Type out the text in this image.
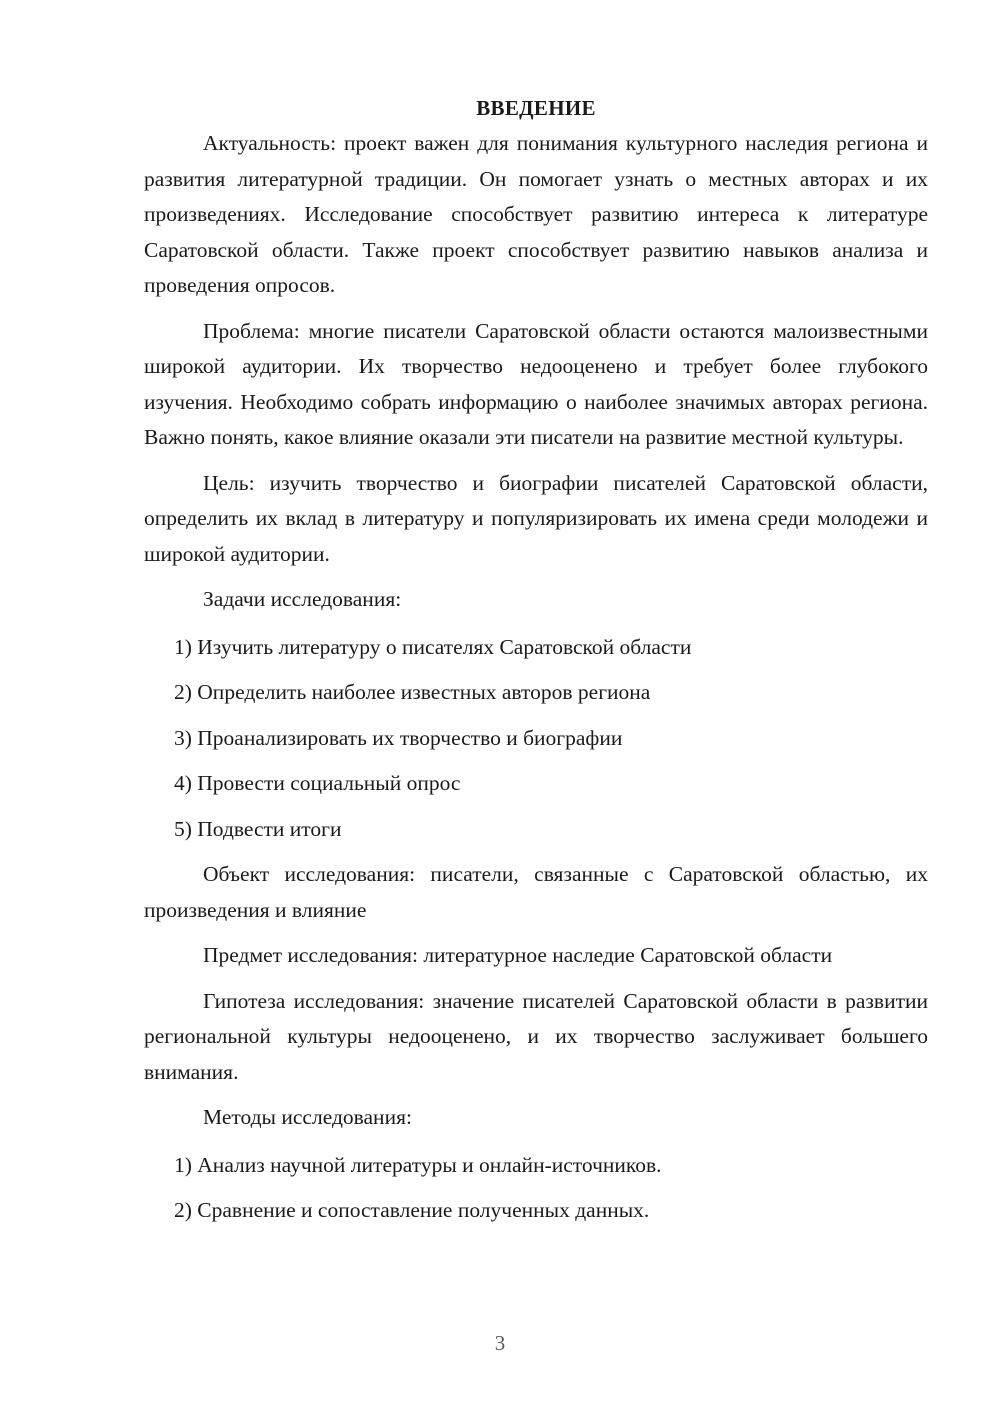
ВВЕДЕНИЕ

Актуальность: проект важен для понимания культурного наследия региона и развития литературной традиции. Он помогает узнать о местных авторах и их произведениях. Исследование способствует развитию интереса к литературе Саратовской области. Также проект способствует развитию навыков анализа и проведения опросов.

Проблема: многие писатели Саратовской области остаются малоизвестными широкой аудитории. Их творчество недооценено и требует более глубокого изучения. Необходимо собрать информацию о наиболее значимых авторах региона. Важно понять, какое влияние оказали эти писатели на развитие местной культуры.

Цель: изучить творчество и биографии писателей Саратовской области, определить их вклад в литературу и популяризировать их имена среди молодежи и широкой аудитории.

Задачи исследования:

1) Изучить литературу о писателях Саратовской области
2) Определить наиболее известных авторов региона
3) Проанализировать их творчество и биографии
4) Провести социальный опрос
5) Подвести итоги

Объект исследования: писатели, связанные с Саратовской областью, их произведения и влияние

Предмет исследования: литературное наследие Саратовской области

Гипотеза исследования: значение писателей Саратовской области в развитии региональной культуры недооценено, и их творчество заслуживает большего внимания.

Методы исследования:

1) Анализ научной литературы и онлайн-источников.
2) Сравнение и сопоставление полученных данных.
3
